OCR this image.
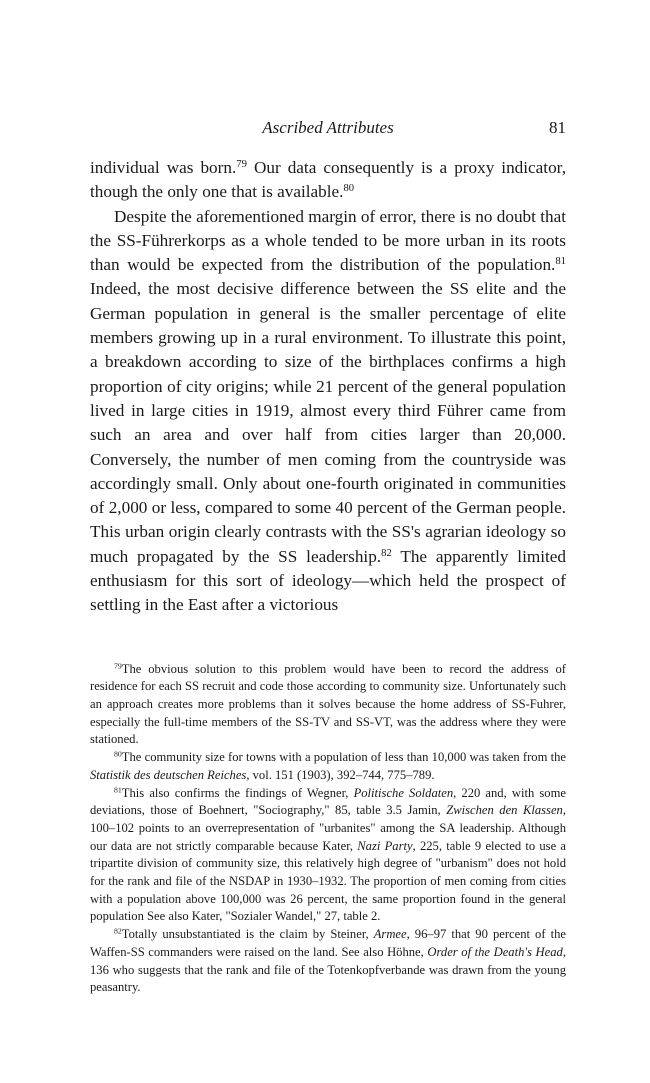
Ascribed Attributes	81

individual was born.$^{79}$ Our data consequently is a proxy indicator, though the only one that is available.$^{80}$

Despite the aforementioned margin of error, there is no doubt that the SS-Führerkorps as a whole tended to be more urban in its roots than would be expected from the distribution of the population.$^{81}$ Indeed, the most decisive difference between the SS elite and the German population in general is the smaller percentage of elite members growing up in a rural environment. To illustrate this point, a breakdown according to size of the birthplaces confirms a high proportion of city origins; while 21 percent of the general population lived in large cities in 1919, almost every third Führer came from such an area and over half from cities larger than 20,000. Conversely, the number of men coming from the countryside was accordingly small. Only about one-fourth originated in communities of 2,000 or less, compared to some 40 percent of the German people. This urban origin clearly contrasts with the SS's agrarian ideology so much propagated by the SS leadership.$^{82}$ The apparently limited enthusiasm for this sort of ideology—which held the prospect of settling in the East after a victorious

$^{79}$The obvious solution to this problem would have been to record the address of residence for each SS recruit and code those according to community size. Unfortunately such an approach creates more problems than it solves because the home address of SS-Fuhrer, especially the full-time members of the SS-TV and SS-VT, was the address where they were stationed.

$^{80}$The community size for towns with a population of less than 10,000 was taken from the Statistik des deutschen Reiches, vol. 151 (1903), 392–744, 775–789.

$^{81}$This also confirms the findings of Wegner, Politische Soldaten, 220 and, with some deviations, those of Boehnert, "Sociography," 85, table 3.5 Jamin, Zwischen den Klassen, 100–102 points to an overrepresentation of "urbanites" among the SA leadership. Although our data are not strictly comparable because Kater, Nazi Party, 225, table 9 elected to use a tripartite division of community size, this relatively high degree of "urbanism" does not hold for the rank and file of the NSDAP in 1930–1932. The proportion of men coming from cities with a population above 100,000 was 26 percent, the same proportion found in the general population See also Kater, "Sozialer Wandel," 27, table 2.

$^{82}$Totally unsubstantiated is the claim by Steiner, Armee, 96–97 that 90 percent of the Waffen-SS commanders were raised on the land. See also Höhne, Order of the Death's Head, 136 who suggests that the rank and file of the Totenkopfverbande was drawn from the young peasantry.
